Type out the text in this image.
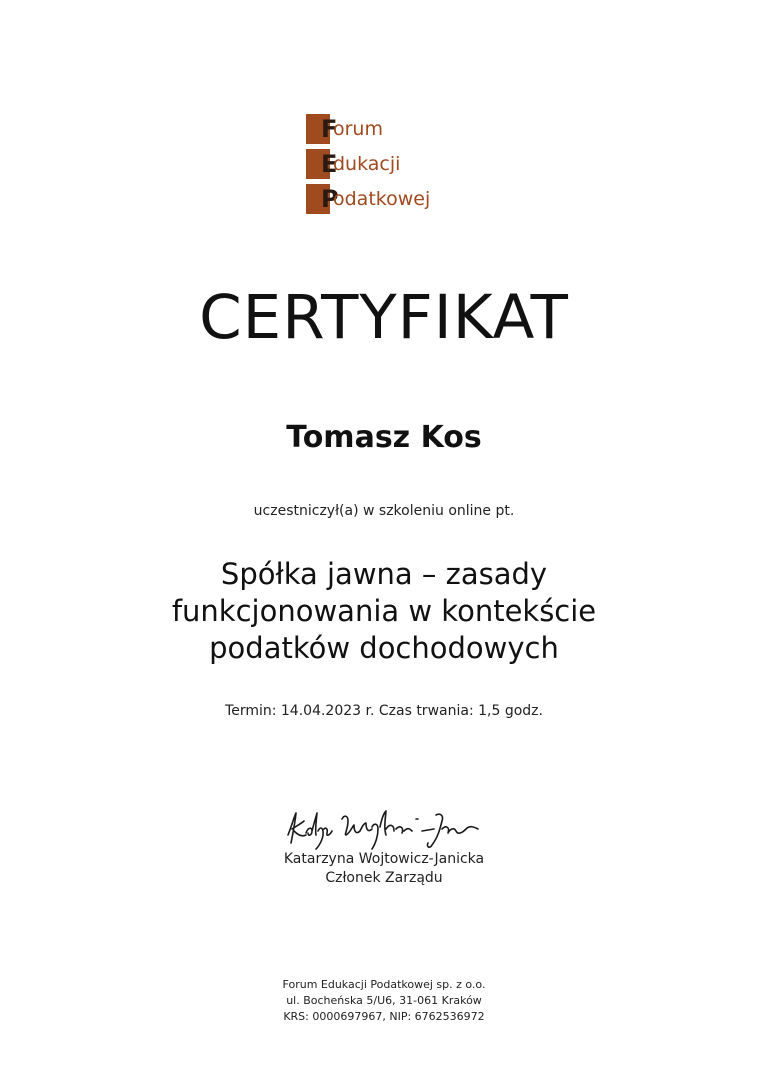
F
orum
E
dukacji
P
odatkowej
CERTYFIKAT
Tomasz Kos
uczestniczył(a) w szkoleniu online pt.
Spółka jawna – zasady
funkcjonowania w kontekście
podatków dochodowych
Termin: 14.04.2023 r. Czas trwania: 1,5 godz.
Katarzyna Wojtowicz-Janicka
Członek Zarządu
Forum Edukacji Podatkowej sp. z o.o.
ul. Bocheńska 5/U6, 31-061 Kraków
KRS: 0000697967, NIP: 6762536972
